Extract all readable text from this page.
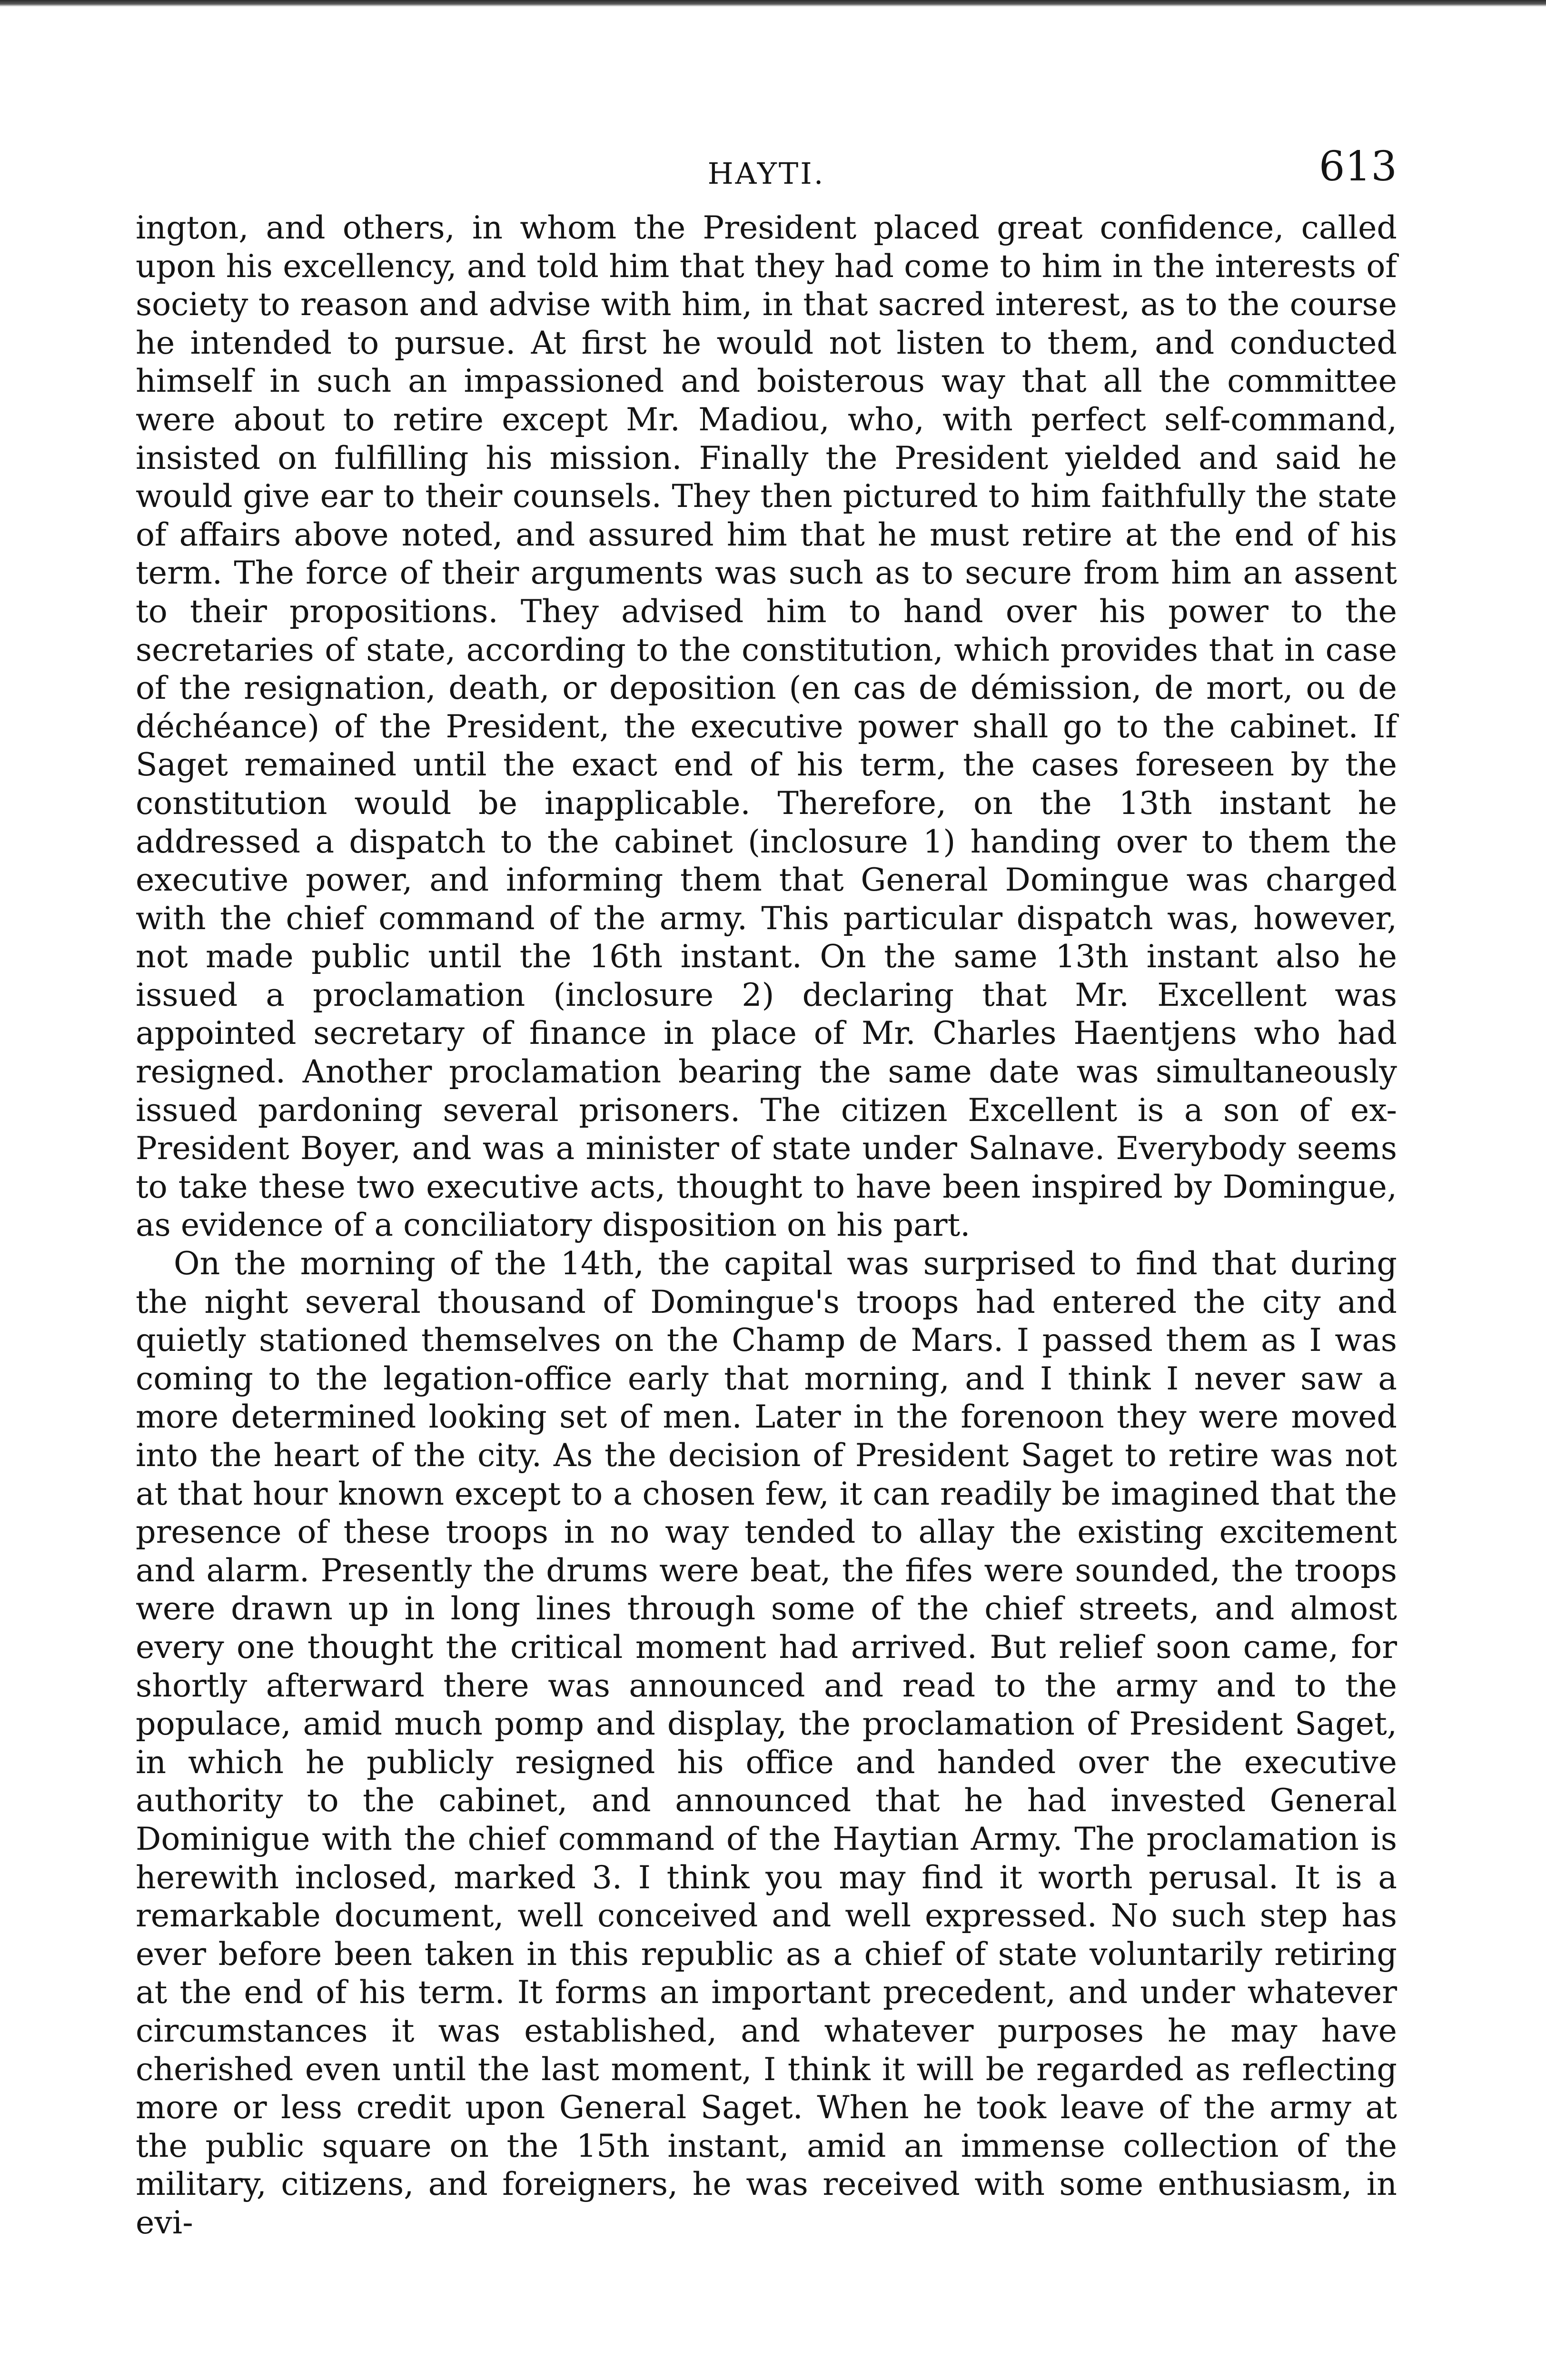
HAYTI.	613

ington, and others, in whom the President placed great confidence, called upon his excellency, and told him that they had come to him in the interests of society to reason and advise with him, in that sacred interest, as to the course he intended to pursue. At first he would not listen to them, and conducted himself in such an impassioned and boisterous way that all the committee were about to retire except Mr. Madiou, who, with perfect self-command, insisted on fulfilling his mission. Finally the President yielded and said he would give ear to their counsels. They then pictured to him faithfully the state of affairs above noted, and assured him that he must retire at the end of his term. The force of their arguments was such as to secure from him an assent to their propositions. They advised him to hand over his power to the secretaries of state, according to the constitution, which provides that in case of the resignation, death, or deposition (en cas de démission, de mort, ou de déchéance) of the President, the executive power shall go to the cabinet. If Saget remained until the exact end of his term, the cases foreseen by the constitution would be inapplicable. Therefore, on the 13th instant he addressed a dispatch to the cabinet (inclosure 1) handing over to them the executive power, and informing them that General Domingue was charged with the chief command of the army. This particular dispatch was, however, not made public until the 16th instant. On the same 13th instant also he issued a proclamation (inclosure 2) declaring that Mr. Excellent was appointed secretary of finance in place of Mr. Charles Haentjens who had resigned. Another proclamation bearing the same date was simultaneously issued pardoning several prisoners. The citizen Excellent is a son of ex-President Boyer, and was a minister of state under Salnave. Everybody seems to take these two executive acts, thought to have been inspired by Domingue, as evidence of a conciliatory disposition on his part.

On the morning of the 14th, the capital was surprised to find that during the night several thousand of Domingue's troops had entered the city and quietly stationed themselves on the Champ de Mars. I passed them as I was coming to the legation-office early that morning, and I think I never saw a more determined looking set of men. Later in the forenoon they were moved into the heart of the city. As the decision of President Saget to retire was not at that hour known except to a chosen few, it can readily be imagined that the presence of these troops in no way tended to allay the existing excitement and alarm. Presently the drums were beat, the fifes were sounded, the troops were drawn up in long lines through some of the chief streets, and almost every one thought the critical moment had arrived. But relief soon came, for shortly afterward there was announced and read to the army and to the populace, amid much pomp and display, the proclamation of President Saget, in which he publicly resigned his office and handed over the executive authority to the cabinet, and announced that he had invested General Dominigue with the chief command of the Haytian Army. The proclamation is herewith inclosed, marked 3. I think you may find it worth perusal. It is a remarkable document, well conceived and well expressed. No such step has ever before been taken in this republic as a chief of state voluntarily retiring at the end of his term. It forms an important precedent, and under whatever circumstances it was established, and whatever purposes he may have cherished even until the last moment, I think it will be regarded as reflecting more or less credit upon General Saget. When he took leave of the army at the public square on the 15th instant, amid an immense collection of the military, citizens, and foreigners, he was received with some enthusiasm, in evi-
